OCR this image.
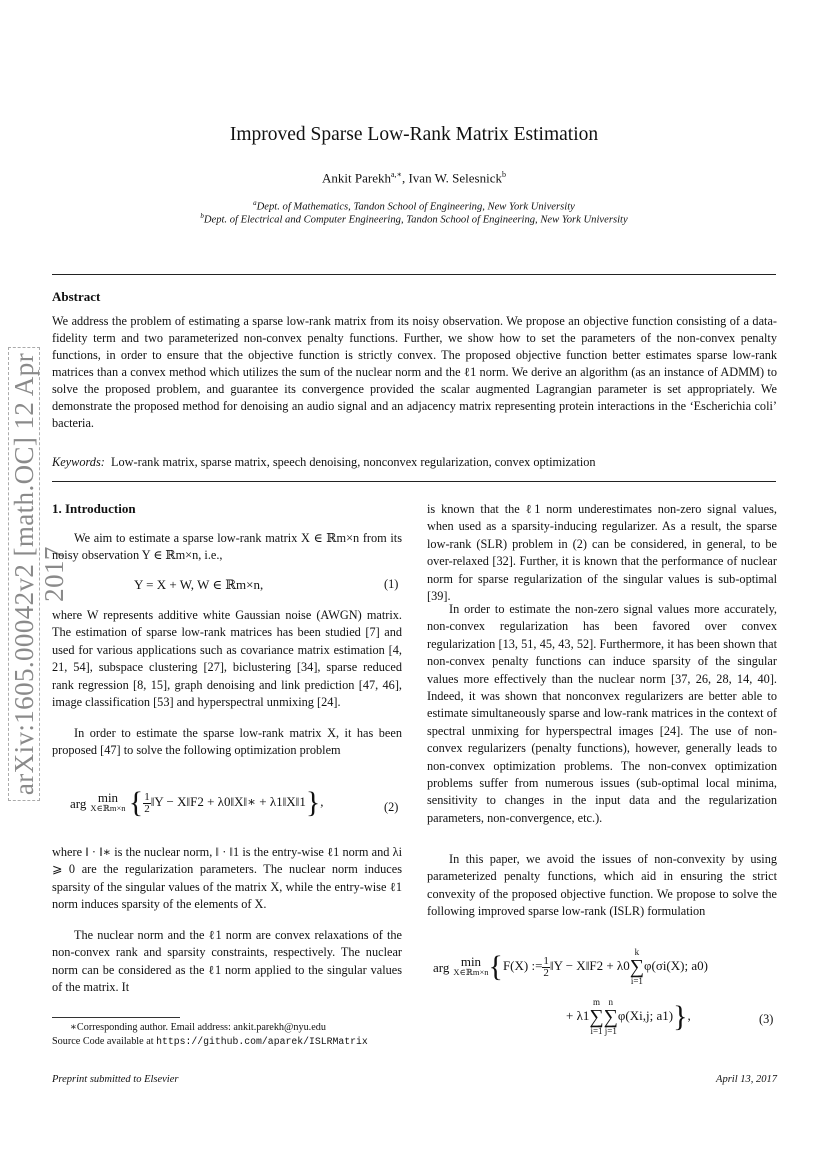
arXiv:1605.00042v2 [math.OC] 12 Apr 2017
Improved Sparse Low-Rank Matrix Estimation
Ankit Parekh$^{a,∗}$, Ivan W. Selesnick$^b$
$^a$Dept. of Mathematics, Tandon School of Engineering, New York University
$^b$Dept. of Electrical and Computer Engineering, Tandon School of Engineering, New York University
Abstract
We address the problem of estimating a sparse low-rank matrix from its noisy observation. We propose an objective function consisting of a data-fidelity term and two parameterized non-convex penalty functions. Further, we show how to set the parameters of the non-convex penalty functions, in order to ensure that the objective function is strictly convex. The proposed objective function better estimates sparse low-rank matrices than a convex method which utilizes the sum of the nuclear norm and the ℓ1 norm. We derive an algorithm (as an instance of ADMM) to solve the proposed problem, and guarantee its convergence provided the scalar augmented Lagrangian parameter is set appropriately. We demonstrate the proposed method for denoising an audio signal and an adjacency matrix representing protein interactions in the ‘Escherichia coli’ bacteria.
Keywords: Low-rank matrix, sparse matrix, speech denoising, nonconvex regularization, convex optimization
1. Introduction
We aim to estimate a sparse low-rank matrix X ∈ ℝm×n from its noisy observation Y ∈ ℝm×n, i.e.,
Y = X + W, W ∈ ℝm×n,	(1)
where W represents additive white Gaussian noise (AWGN) matrix. The estimation of sparse low-rank matrices has been studied [7] and used for various applications such as covariance matrix estimation [4, 21, 54], subspace clustering [27], biclustering [34], sparse reduced rank regression [8, 15], graph denoising and link prediction [47, 46], image classification [53] and hyperspectral unmixing [24].
In order to estimate the sparse low-rank matrix X, it has been proposed [47] to solve the following optimization problem
arg min
X∈ℝm×n { $\frac{1}{2}$ ‖Y − X‖F2 + λ0‖X‖∗ + λ1‖X‖1},	(2)
where ‖ · ‖∗ is the nuclear norm, ‖ · ‖1 is the entry-wise ℓ1 norm and λi ⩾ 0 are the regularization parameters. The nuclear norm induces sparsity of the singular values of the matrix X, while the entry-wise ℓ1 norm induces sparsity of the elements of X.
The nuclear norm and the ℓ1 norm are convex relaxations of the non-convex rank and sparsity constraints, respectively. The nuclear norm can be considered as the ℓ1 norm applied to the singular values of the matrix. It
∗Corresponding author. Email address: ankit.parekh@nyu.edu
Source Code available at https://github.com/aparek/ISLRMatrix
is known that the ℓ1 norm underestimates non-zero signal values, when used as a sparsity-inducing regularizer. As a result, the sparse low-rank (SLR) problem in (2) can be considered, in general, to be over-relaxed [32]. Further, it is known that the performance of nuclear norm for sparse regularization of the singular values is sub-optimal [39].
In order to estimate the non-zero signal values more accurately, non-convex regularization has been favored over convex regularization [13, 51, 45, 43, 52]. Furthermore, it has been shown that non-convex penalty functions can induce sparsity of the singular values more effectively than the nuclear norm [37, 26, 28, 14, 40]. Indeed, it was shown that nonconvex regularizers are better able to estimate simultaneously sparse and low-rank matrices in the context of spectral unmixing for hyperspectral images [24]. The use of non-convex regularizers (penalty functions), however, generally leads to non-convex optimization problems. The non-convex optimization problems suffer from numerous issues (sub-optimal local minima, sensitivity to changes in the input data and the regularization parameters, non-convergence, etc.).
In this paper, we avoid the issues of non-convexity by using parameterized penalty functions, which aid in ensuring the strict convexity of the proposed objective function. We propose to solve the following improved sparse low-rank (ISLR) formulation
arg min
X∈ℝm×n {F(X) := $\frac{1}{2}$ ‖Y − X‖F2 + λ0k
∑
i=1φ(σi(X); a0)
+ λ1m
∑
i=1n
∑
j=1φ(Xi,j; a1)},	(3)
Preprint submitted to Elsevier	April 13, 2017
